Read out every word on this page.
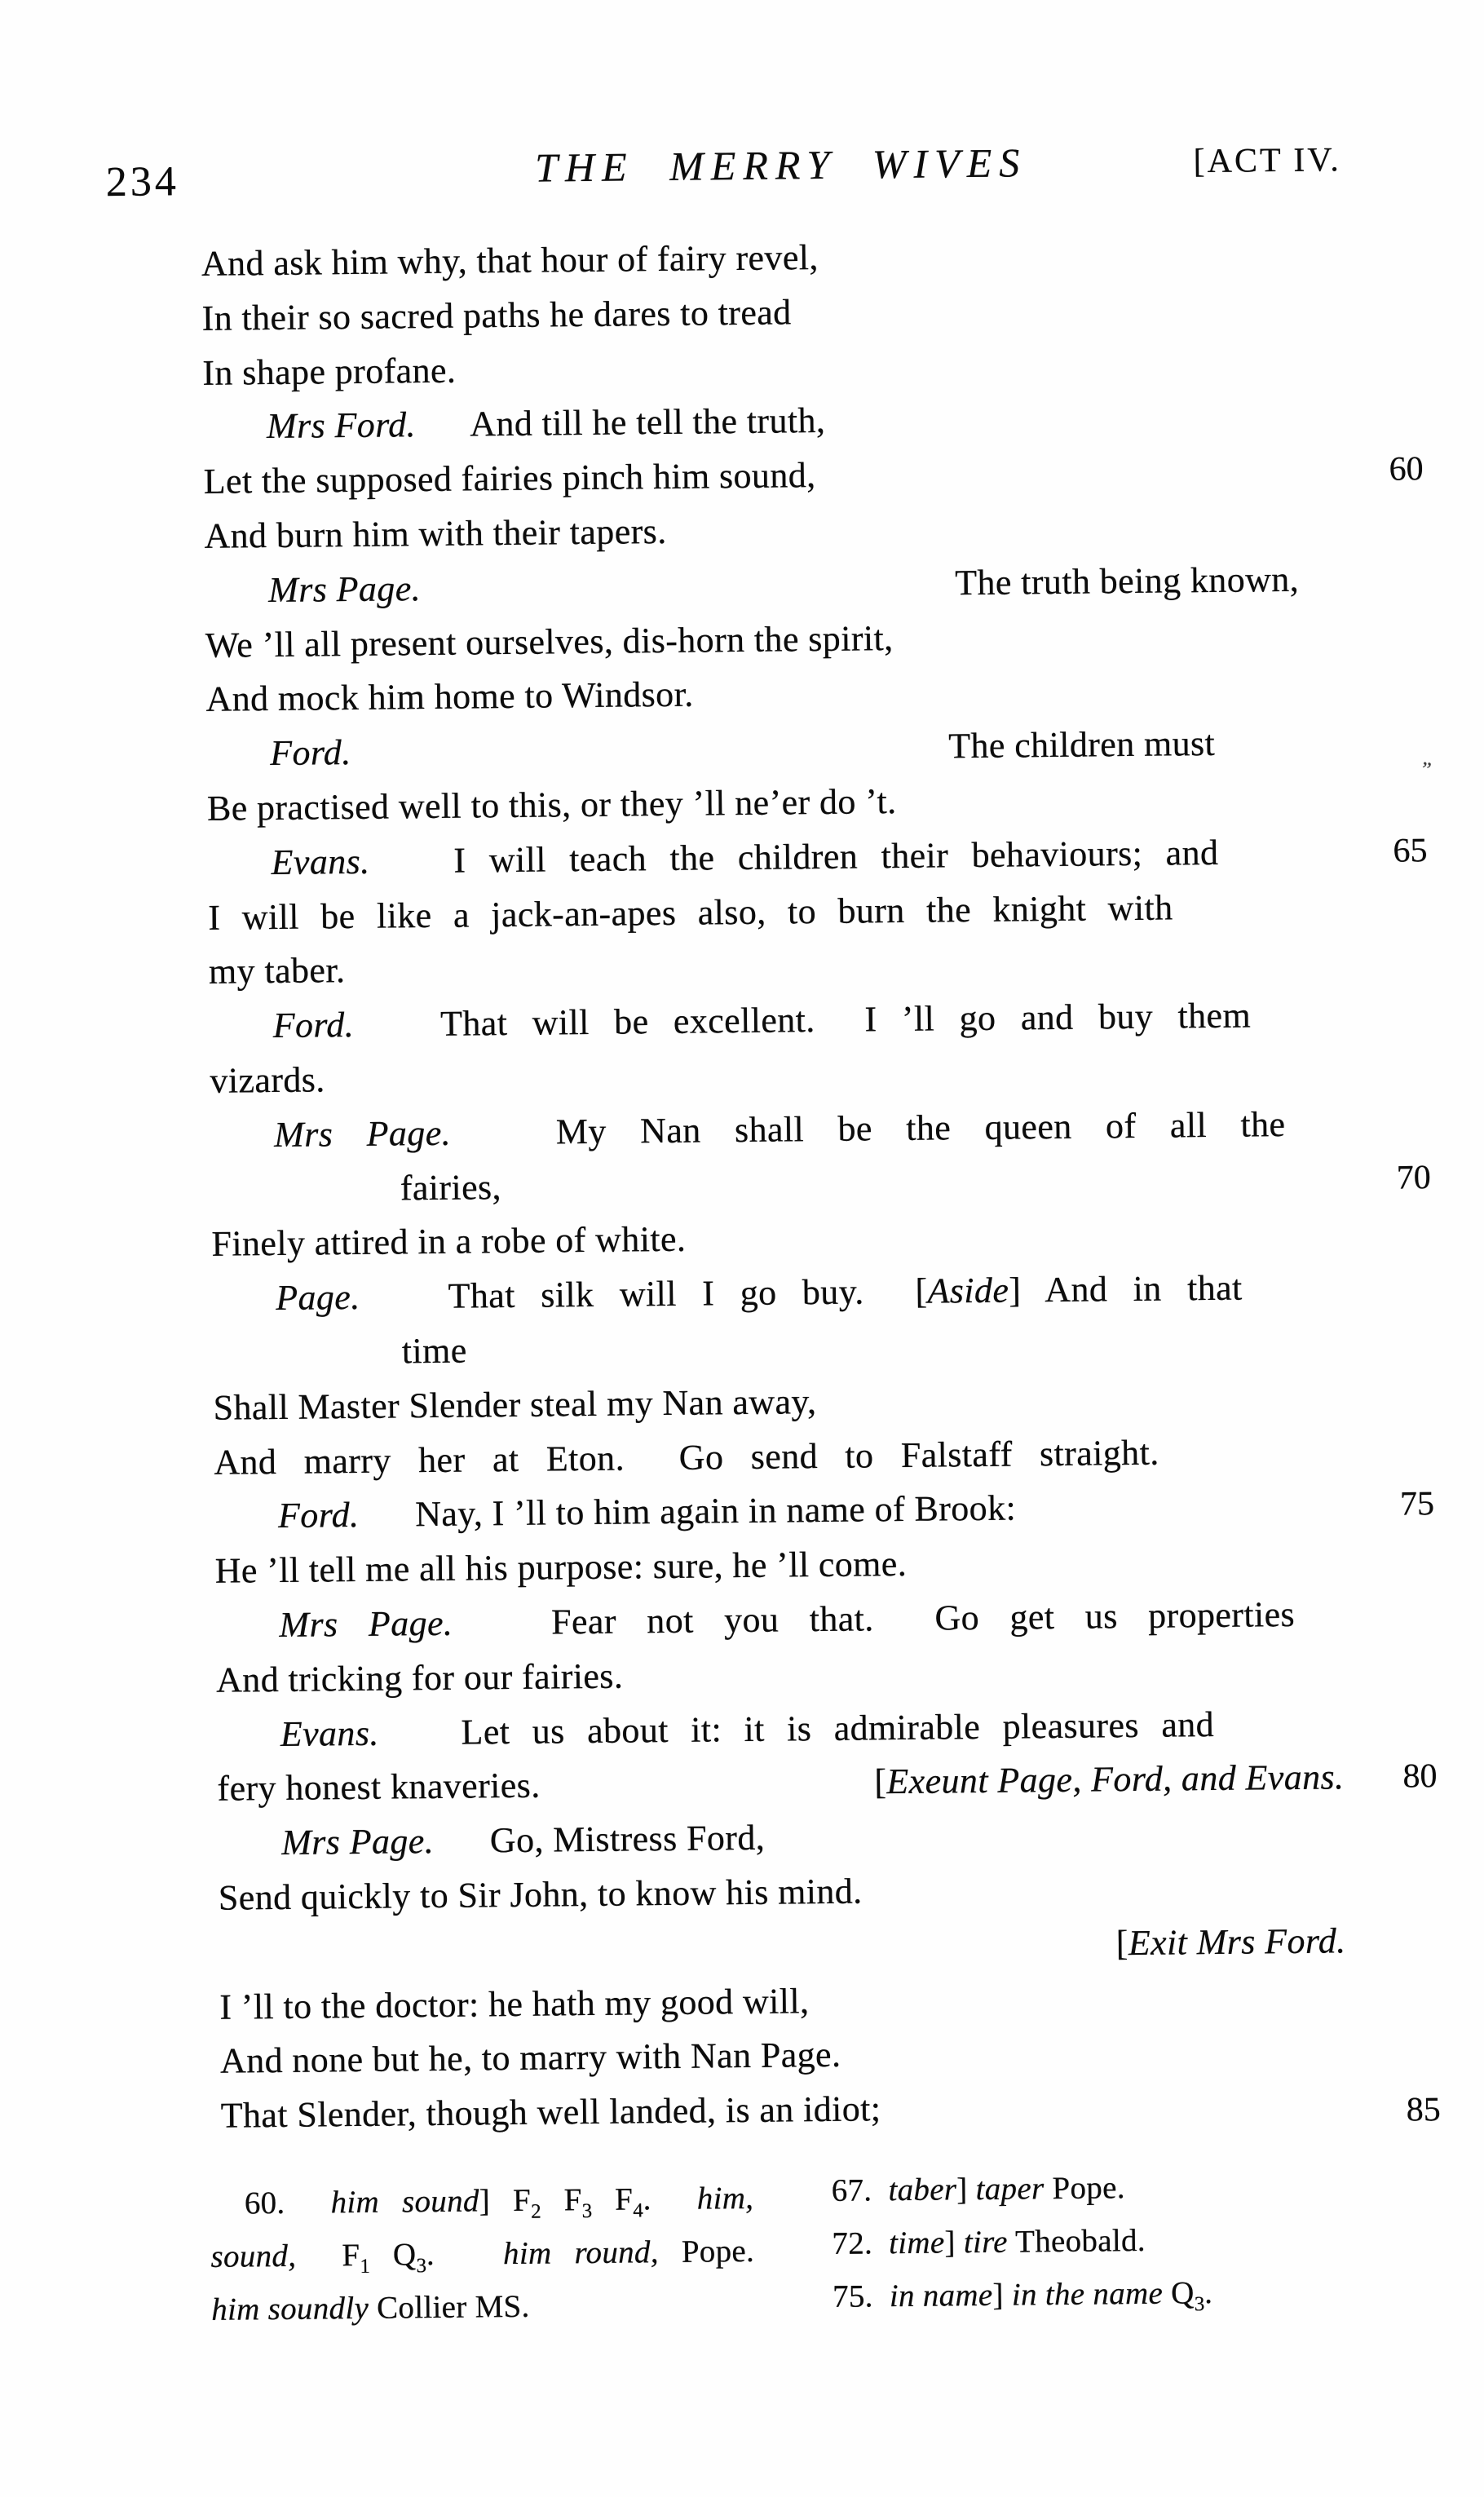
234	THE MERRY WIVES	[ACT IV.
And ask him why, that hour of fairy revel,
In their so sacred paths he dares to tread
In shape profane.
Mrs Ford.  And till he tell the truth,
Let the supposed fairies pinch him sound,	60
And burn him with their tapers.
Mrs Page.	The truth being known,
We ’ll all present ourselves, dis-horn the spirit,
And mock him home to Windsor.
Ford.	The children must
Be practised well to this, or they ’ll ne’er do ’t.
Evans.  I will teach the children their behaviours; and	65
I will be like a jack-an-apes also, to burn the knight with
my taber.
Ford.  That will be excellent.  I ’ll go and buy them
vizards.
Mrs Page.  My Nan shall be the queen of all the
fairies,	70
Finely attired in a robe of white.
Page.  That silk will I go buy.  [Aside] And in that
time
Shall Master Slender steal my Nan away,
And marry her at Eton.  Go send to Falstaff straight.
Ford.  Nay, I ’ll to him again in name of Brook:	75
He ’ll tell me all his purpose: sure, he ’ll come.
Mrs Page.  Fear not you that.  Go get us properties
And tricking for our fairies.
Evans.  Let us about it: it is admirable pleasures and
fery honest knaveries.	[Exeunt Page, Ford, and Evans. 80
Mrs Page.  Go, Mistress Ford,
Send quickly to Sir John, to know his mind.
[Exit Mrs Ford.
I ’ll to the doctor: he hath my good will,
And none but he, to marry with Nan Page.
That Slender, though well landed, is an idiot;	85
”
60.  him sound] $F_2$ $F_3$ $F_4$.  him,
sound,  $F_1$ $Q_3$.   him round, Pope.
him soundly Collier MS.
67.  taber] taper Pope.
72.  time] tire Theobald.
75.  in name] in the name $Q_3$.
